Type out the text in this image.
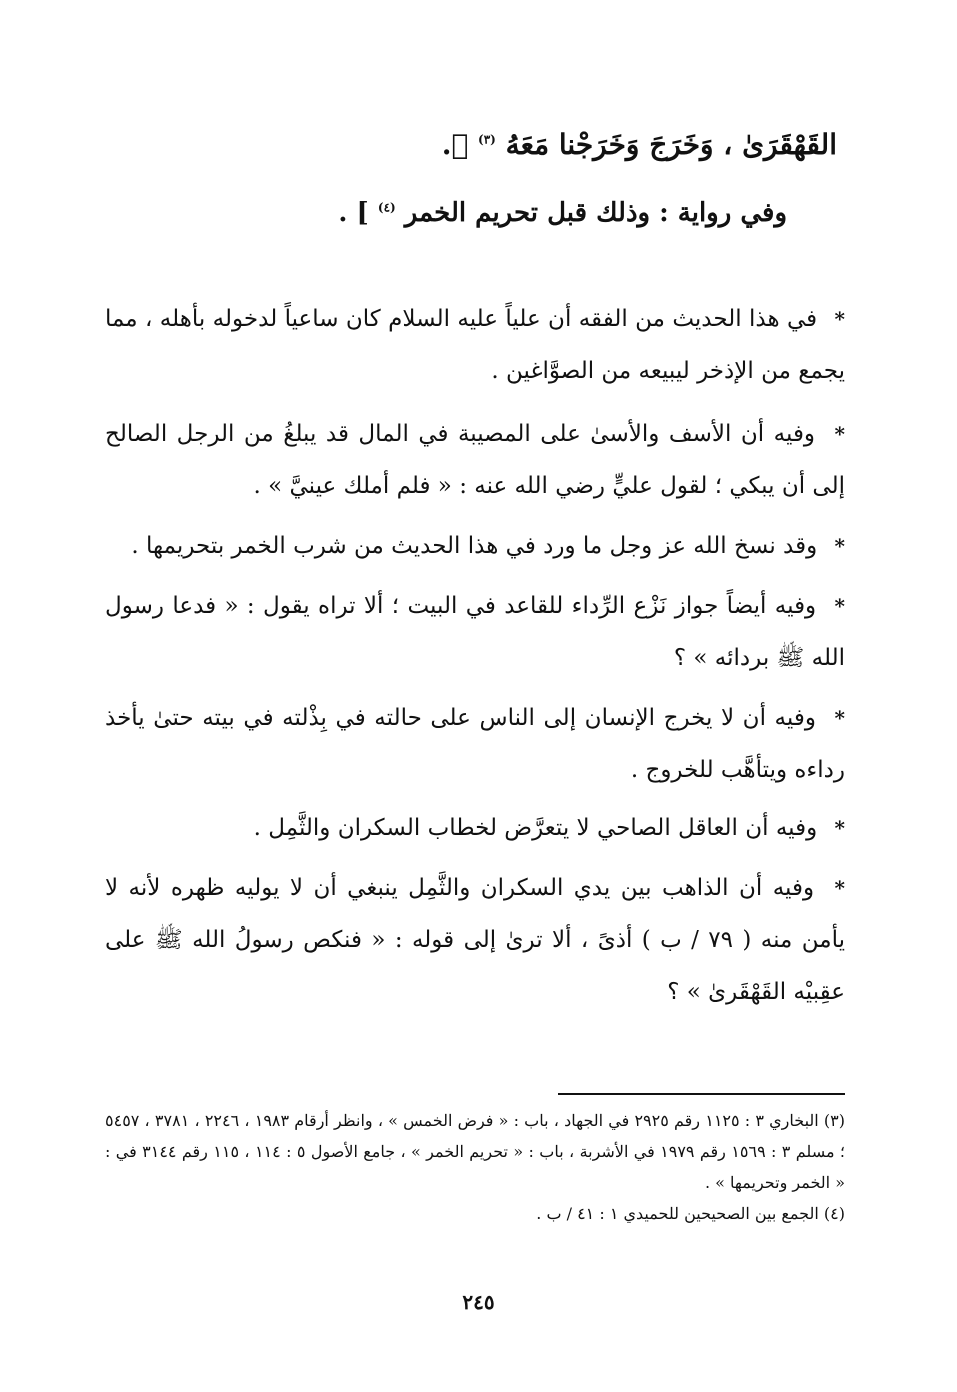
القَهْقَرَىٰ ، وَخَرَجَ وَخَرَجْنا مَعَهُ $^{(٣)}$ ٰ.
وفي رواية : وذلك قبل تحريم الخمر $^{(٤)}$ ] .
* في هذا الحديث من الفقه أن علياً عليه السلام كان ساعياً لدخوله بأهله ، مما يجمع من الإذخر ليبيعه من الصوَّاغين .
* وفيه أن الأسف والأسىٰ على المصيبة في المال قد يبلغُ من الرجل الصالح إلى أن يبكي ؛ لقول عليٍّ رضي الله عنه : « فلم أملك عينيَّ » .
* وقد نسخ الله عز وجل ما ورد في هذا الحديث من شرب الخمر بتحريمها .
* وفيه أيضاً جواز نَزْع الرِّداء للقاعد في البيت ؛ ألا تراه يقول : « فدعا رسول الله ﷺ بردائه » ؟
* وفيه أن لا يخرج الإنسان إلى الناس على حالته في بِذْلته في بيته حتىٰ يأخذ رداءه ويتأهَّب للخروج .
* وفيه أن العاقل الصاحي لا يتعرَّض لخطاب السكران والثَّمِل .
* وفيه أن الذاهب بين يدي السكران والثَّمِل ينبغي أن لا يوليه ظهره لأنه لا يأمن منه ( ٧٩ / ب ) أذىً ، ألا ترىٰ إلى قوله : « فنكص رسولُ الله ﷺ على عقِبيْه القَهْقَرىٰ » ؟

(٣) البخاري ٣ : ١١٢٥ رقم ٢٩٢٥ في الجهاد ، باب : « فرض الخمس » ، وانظر أرقام ١٩٨٣ ، ٢٢٤٦ ، ٣٧٨١ ، ٥٤٥٧ ؛ مسلم ٣ : ١٥٦٩ رقم ١٩٧٩ في الأشربة ، باب : « تحريم الخمر » ، جامع الأصول ٥ : ١١٤ ، ١١٥ رقم ٣١٤٤ في : « الخمر وتحريمها » .

(٤) الجمع بين الصحيحين للحميدي ١ : ٤١ / ب .

٢٤٥
